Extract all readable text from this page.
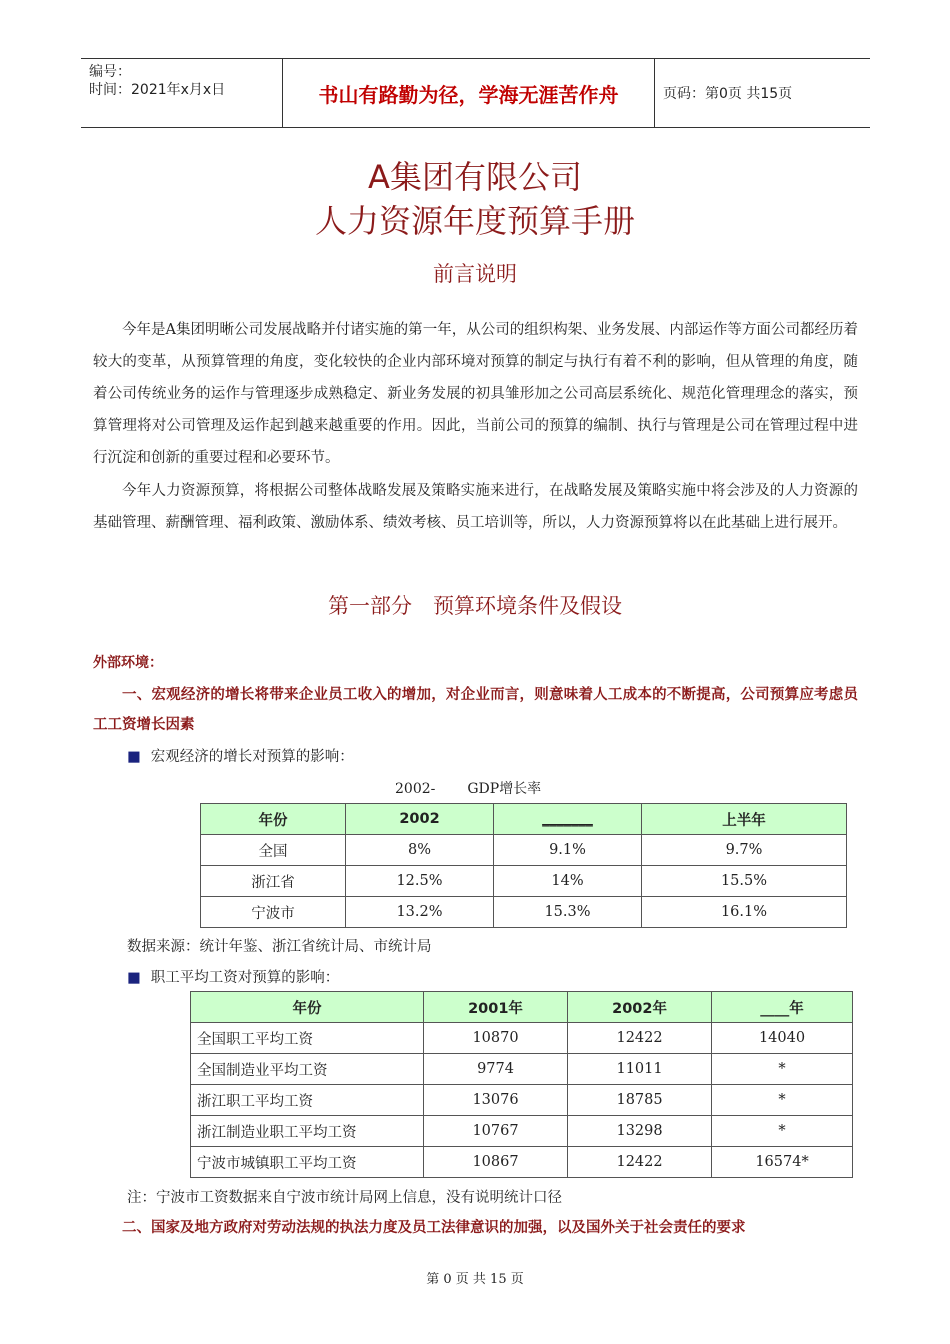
编号：
时间：2021年x月x日	书山有路勤为径，学海无涯苦作舟	页码：第0页 共15页
A集团有限公司
人力资源年度预算手册
前言说明

今年是A集团明晰公司发展战略并付诸实施的第一年，从公司的组织构架、业务发展、内部运作等方面公司都经历着较大的变革，从预算管理的角度，变化较快的企业内部环境对预算的制定与执行有着不利的影响，但从管理的角度，随着公司传统业务的运作与管理逐步成熟稳定、新业务发展的初具雏形加之公司高层系统化、规范化管理理念的落实，预算管理将对公司管理及运作起到越来越重要的作用。因此，当前公司的预算的编制、执行与管理是公司在管理过程中进行沉淀和创新的重要过程和必要环节。

今年人力资源预算，将根据公司整体战略发展及策略实施来进行，在战略发展及策略实施中将会涉及的人力资源的基础管理、薪酬管理、福利政策、激励体系、绩效考核、员工培训等，所以，人力资源预算将以在此基础上进行展开。

第一部分　预算环境条件及假设
外部环境：

一、宏观经济的增长将带来企业员工收入的增加，对企业而言，则意味着人工成本的不断提高，公司预算应考虑员工工资增长因素

■ 宏观经济的增长对预算的影响：
2002- GDP增长率
年份	2002	_______	上半年
全国	8%	9.1%	9.7%
浙江省	12.5%	14%	15.5%
宁波市	13.2%	15.3%	16.1%
数据来源：统计年鉴、浙江省统计局、市统计局
■ 职工平均工资对预算的影响：
年份	2001年	2002年	____年
全国职工平均工资	10870	12422	14040
全国制造业平均工资	9774	11011	*
浙江职工平均工资	13076	18785	*
浙江制造业职工平均工资	10767	13298	*
宁波市城镇职工平均工资	10867	12422	16574*
注：宁波市工资数据来自宁波市统计局网上信息，没有说明统计口径

二、国家及地方政府对劳动法规的执法力度及员工法律意识的加强，以及国外关于社会责任的要求

第 0 页 共 15 页
